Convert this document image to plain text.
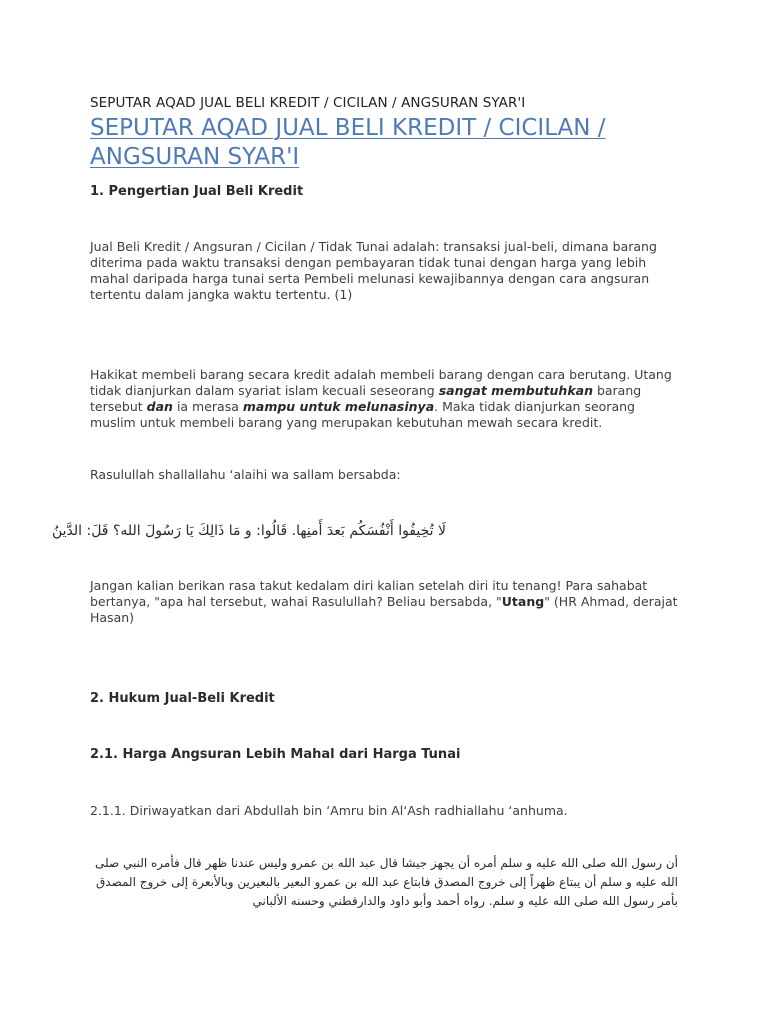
SEPUTAR AQAD JUAL BELI KREDIT / CICILAN / ANGSURAN SYAR'I
SEPUTAR AQAD JUAL BELI KREDIT / CICILAN / ANGSURAN SYAR'I
1. Pengertian Jual Beli Kredit
Jual Beli Kredit / Angsuran / Cicilan / Tidak Tunai adalah: transaksi jual-beli, dimana barang diterima pada waktu transaksi dengan pembayaran tidak tunai dengan harga yang lebih mahal daripada harga tunai serta Pembeli melunasi kewajibannya dengan cara angsuran tertentu dalam jangka waktu tertentu. (1)
Hakikat membeli barang secara kredit adalah membeli barang dengan cara berutang. Utang tidak dianjurkan dalam syariat islam kecuali seseorang sangat membutuhkan barang tersebut dan ia merasa mampu untuk melunasinya. Maka tidak dianjurkan seorang muslim untuk membeli barang yang merupakan kebutuhan mewah secara kredit.
Rasulullah shallallahu ‘alaihi wa sallam bersabda:
لَا تُخِيفُوا أَنْفُسَكُم بَعدَ أَمنِها. قَالُوا: و مَا ذَالِكَ يَا رَسُولَ الله؟ قَلَ: الدَّينُ
Jangan kalian berikan rasa takut kedalam diri kalian setelah diri itu tenang! Para sahabat bertanya, "apa hal tersebut, wahai Rasulullah? Beliau bersabda, "Utang" (HR Ahmad, derajat Hasan)
2. Hukum Jual-Beli Kredit
2.1. Harga Angsuran Lebih Mahal dari Harga Tunai
2.1.1. Diriwayatkan dari Abdullah bin ‘Amru bin Al‘Ash radhiallahu ‘anhuma.
أن رسول الله صلى الله عليه و سلم أمره أن يجهز جيشا قال عبد الله بن عمرو وليس عندنا ظهر قال فأمره النبي صلى الله عليه و سلم أن يبتاع ظهراً إلى خروج المصدق فابتاع عبد الله بن عمرو البعير بالبعيرين وبالأبعرة إلى خروج المصدق بأمر رسول الله صلى الله عليه و سلم. رواه أحمد وأبو داود والدارقطني وحسنه الألباني
